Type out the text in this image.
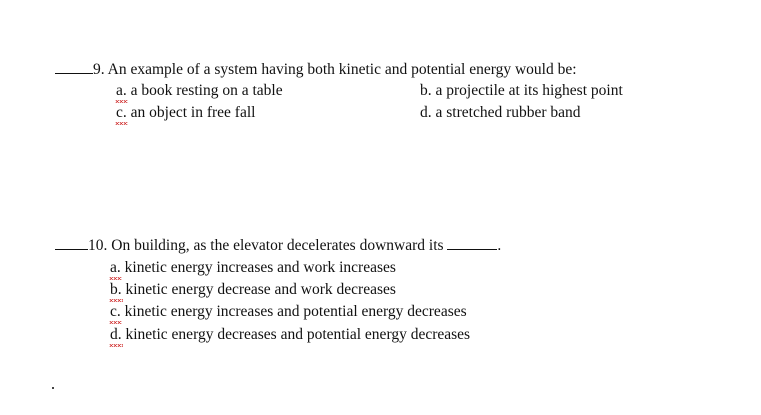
9. An example of a system having both kinetic and potential energy would be:
a. a book resting on a table	b. a projectile at its highest point
c. an object in free fall	d. a stretched rubber band
10. On building, as the elevator decelerates downward its	.
a. kinetic energy increases and work increases
b. kinetic energy decrease and work decreases
c. kinetic energy increases and potential energy decreases
d. kinetic energy decreases and potential energy decreases
